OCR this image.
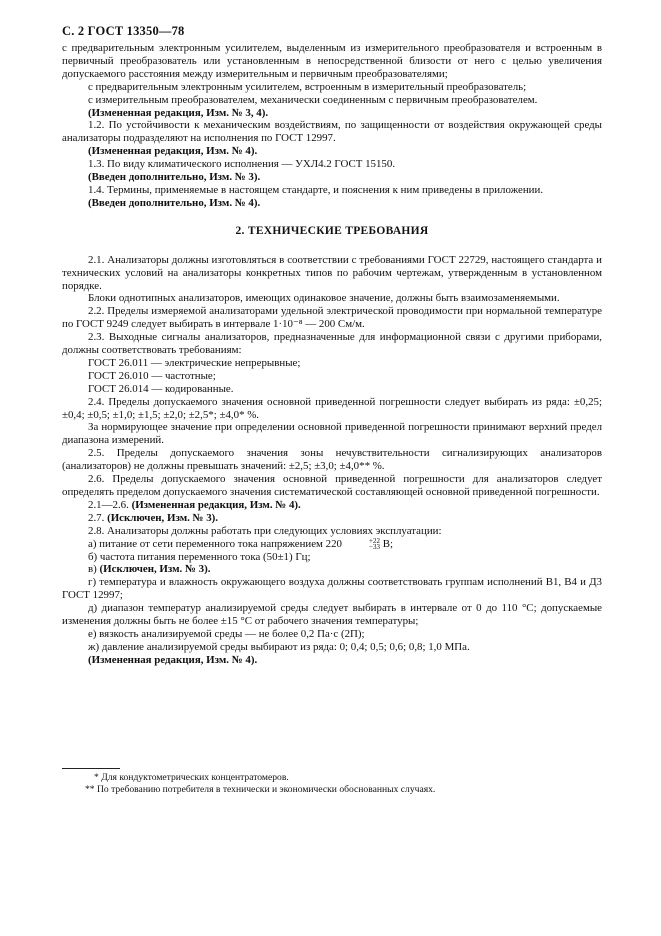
С. 2 ГОСТ 13350—78

с предварительным электронным усилителем, выделенным из измерительного преобразователя и встроенным в первичный преобразователь или установленным в непосредственной близости от него с целью увеличения допускаемого расстояния между измерительным и первичным преобразователями;

с предварительным электронным усилителем, встроенным в измерительный преобразователь;

с измерительным преобразователем, механически соединенным с первичным преобразователем.

(Измененная редакция, Изм. № 3, 4).

1.2. По устойчивости к механическим воздействиям, по защищенности от воздействия окружающей среды анализаторы подразделяют на исполнения по ГОСТ 12997.

(Измененная редакция, Изм. № 4).

1.3. По виду климатического исполнения — УХЛ4.2 ГОСТ 15150.

(Введен дополнительно, Изм. № 3).

1.4. Термины, применяемые в настоящем стандарте, и пояснения к ним приведены в приложении.

(Введен дополнительно, Изм. № 4).

2. ТЕХНИЧЕСКИЕ ТРЕБОВАНИЯ

2.1. Анализаторы должны изготовляться в соответствии с требованиями ГОСТ 22729, настоящего стандарта и технических условий на анализаторы конкретных типов по рабочим чертежам, утвержденным в установленном порядке.

Блоки однотипных анализаторов, имеющих одинаковое значение, должны быть взаимозаменяемыми.

2.2. Пределы измеряемой анализаторами удельной электрической проводимости при нормальной температуре по ГОСТ 9249 следует выбирать в интервале 1·10⁻⁸ — 200 См/м.

2.3. Выходные сигналы анализаторов, предназначенные для информационной связи с другими приборами, должны соответствовать требованиям:

ГОСТ 26.011 — электрические непрерывные;

ГОСТ 26.010 — частотные;

ГОСТ 26.014 — кодированные.

2.4. Пределы допускаемого значения основной приведенной погрешности следует выбирать из ряда: ±0,25; ±0,4; ±0,5; ±1,0; ±1,5; ±2,0; ±2,5*; ±4,0* %.

За нормирующее значение при определении основной приведенной погрешности принимают верхний предел диапазона измерений.

2.5. Пределы допускаемого значения зоны нечувствительности сигнализирующих анализаторов (анализаторов) не должны превышать значений: ±2,5; ±3,0; ±4,0** %.

2.6. Пределы допускаемого значения основной приведенной погрешности для анализаторов следует определять пределом допускаемого значения систематической составляющей основной приведенной погрешности.

2.1—2.6. (Измененная редакция, Изм. № 4).

2.7. (Исключен, Изм. № 3).

2.8. Анализаторы должны работать при следующих условиях эксплуатации:

а) питание от сети переменного тока напряжением 220	+22
−33 В;

б) частота питания переменного тока (50±1) Гц;

в) (Исключен, Изм. № 3).

г) температура и влажность окружающего воздуха должны соответствовать группам исполнений В1, В4 и Д3 ГОСТ 12997;

д) диапазон температур анализируемой среды следует выбирать в интервале от 0 до 110 °С; допускаемые изменения должны быть не более ±15 °С от рабочего значения температуры;

е) вязкость анализируемой среды — не более 0,2 Па·с (2П);

ж) давление анализируемой среды выбирают из ряда: 0; 0,4; 0,5; 0,6; 0,8; 1,0 МПа.

(Измененная редакция, Изм. № 4).

* Для кондуктометрических концентратомеров.

** По требованию потребителя в технически и экономически обоснованных случаях.
